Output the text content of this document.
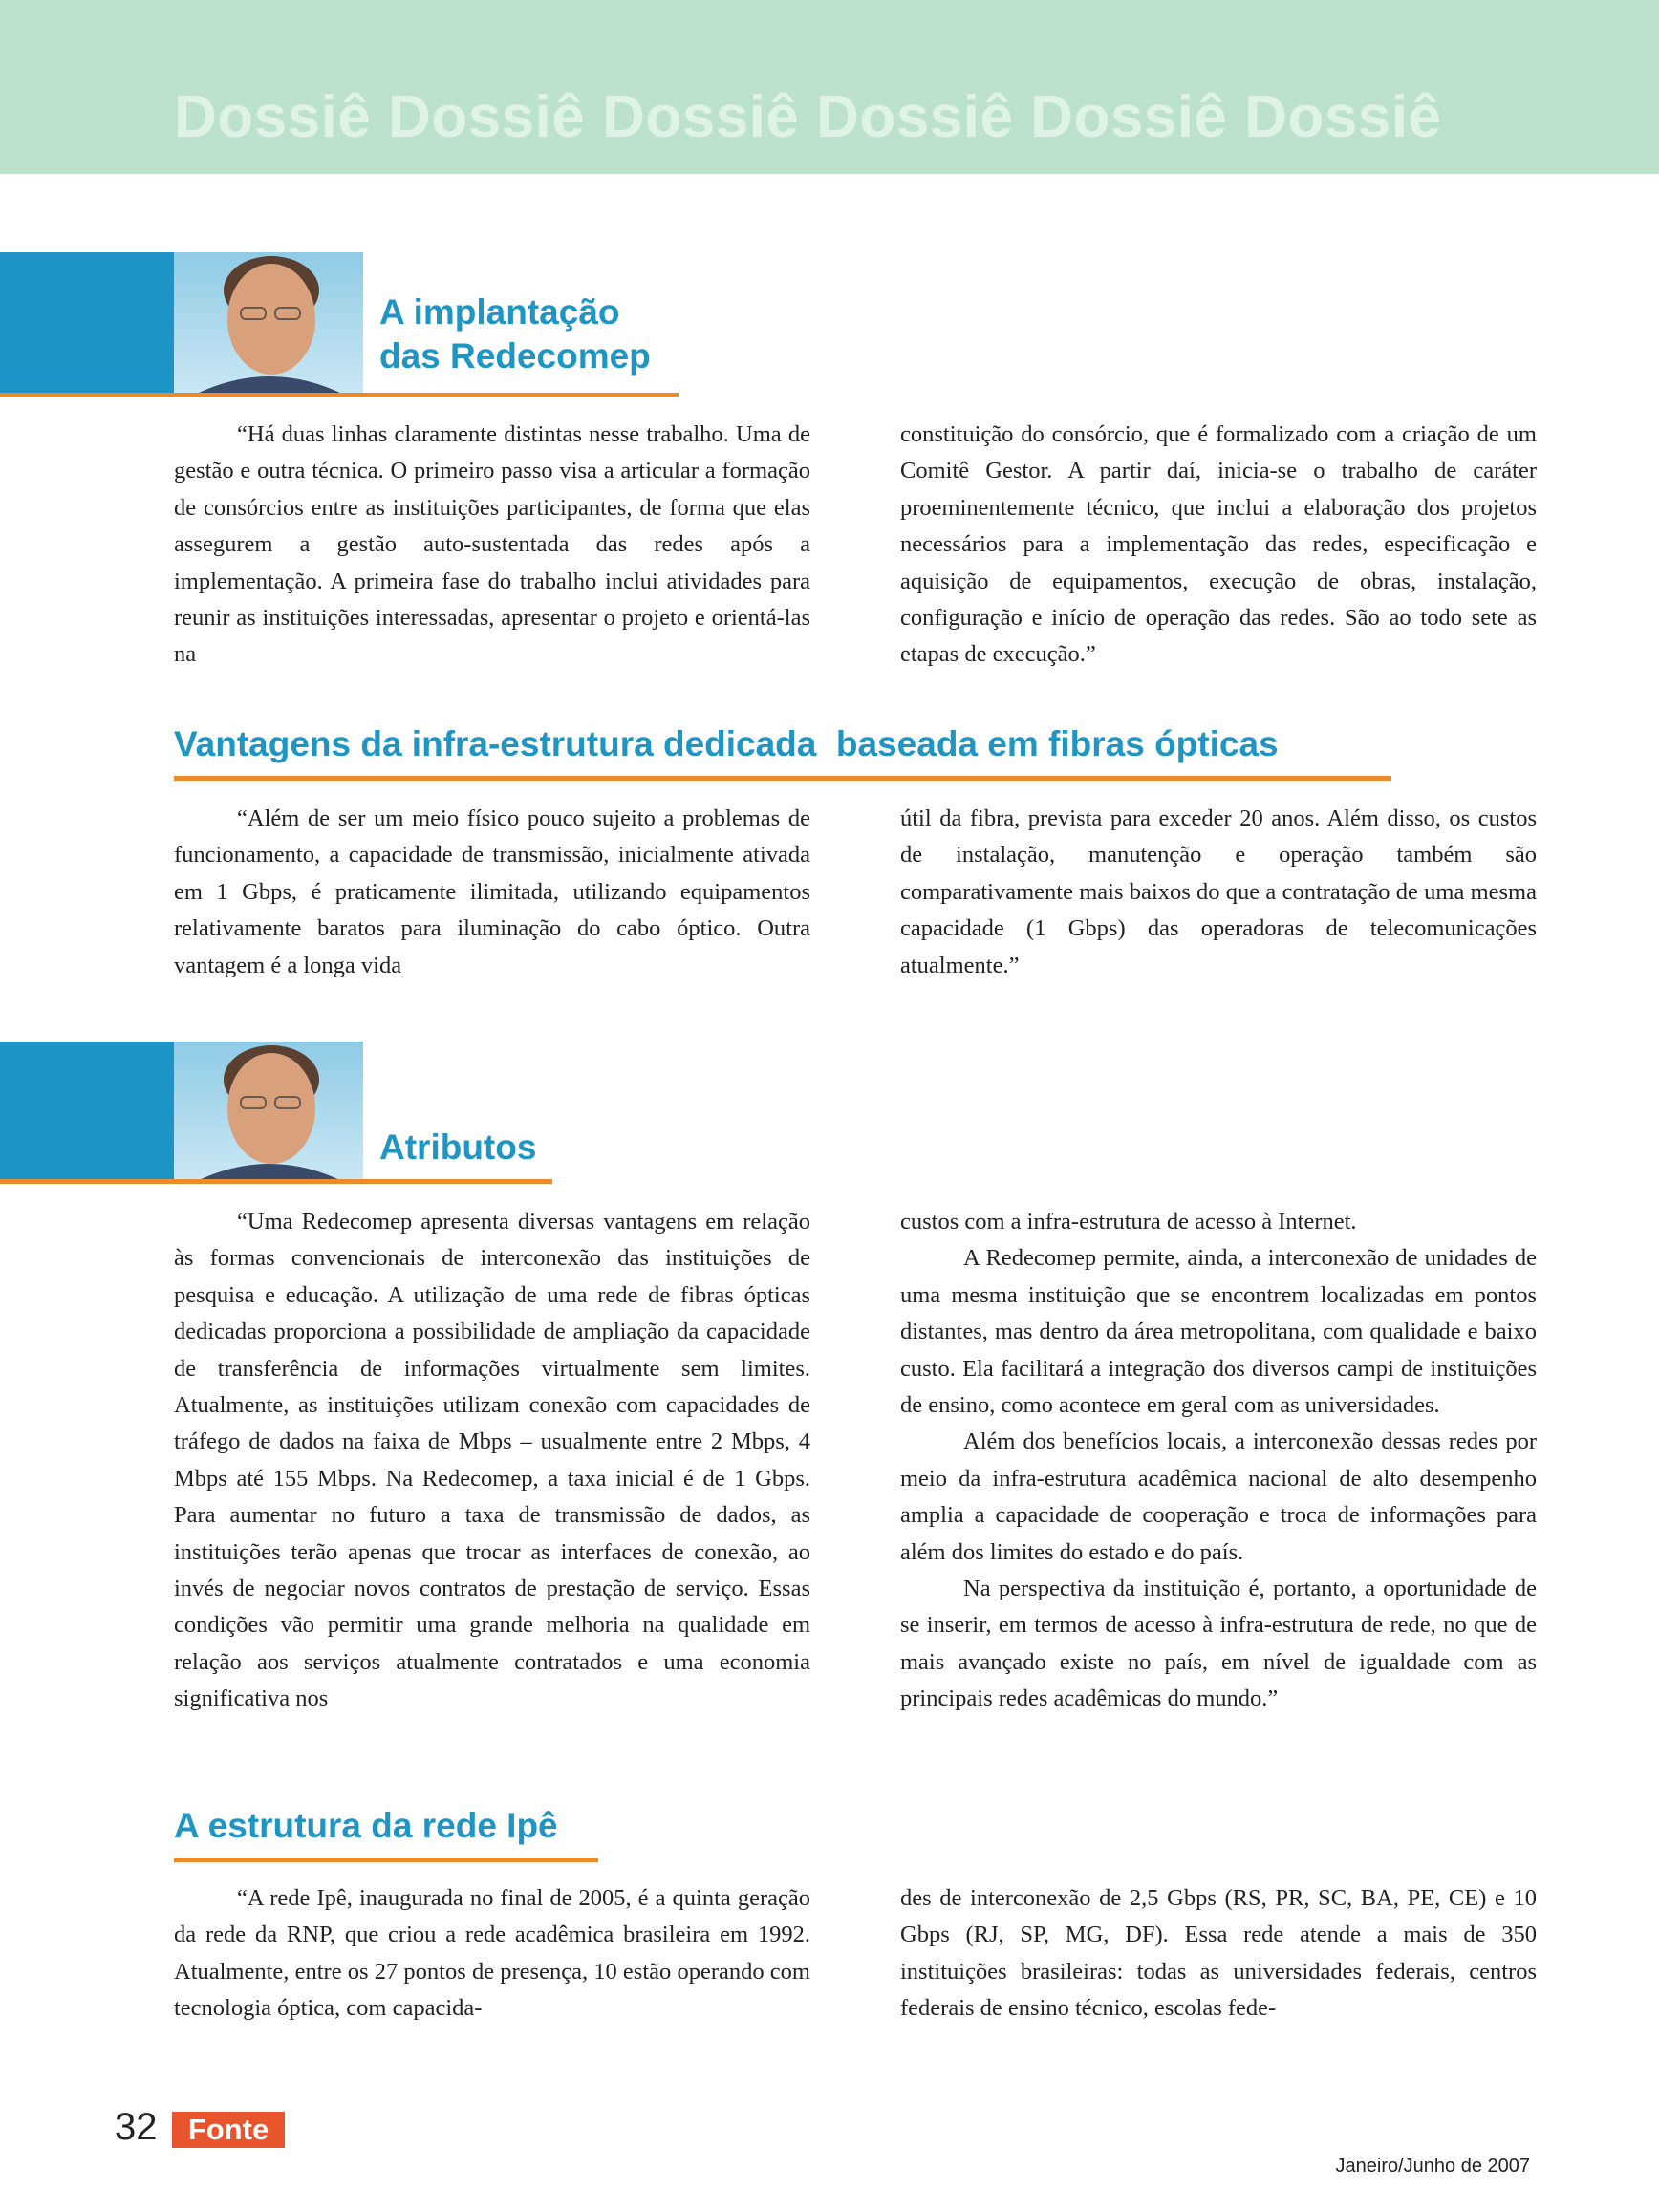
Dossiê Dossiê Dossiê Dossiê Dossiê Dossiê
A implantação
das Redecomep

“Há duas linhas claramente distintas nesse trabalho. Uma de gestão e outra técnica. O primeiro passo visa a articular a formação de consórcios entre as instituições participantes, de forma que elas assegurem a gestão auto-sustentada das redes após a implementação. A primeira fase do trabalho inclui atividades para reunir as instituições interessadas, apresentar o projeto e orientá-las na

constituição do consórcio, que é formalizado com a criação de um Comitê Gestor. A partir daí, inicia-se o trabalho de caráter proeminentemente técnico, que inclui a elaboração dos projetos necessários para a implementação das redes, especificação e aquisição de equipamentos, execução de obras, instalação, configuração e início de operação das redes. São ao todo sete as etapas de execução.”

Vantagens da infra-estrutura dedicada  baseada em fibras ópticas

“Além de ser um meio físico pouco sujeito a problemas de funcionamento, a capacidade de transmissão, inicialmente ativada em 1 Gbps, é praticamente ilimitada, utilizando equipamentos relativamente baratos para iluminação do cabo óptico. Outra vantagem é a longa vida

útil da fibra, prevista para exceder 20 anos. Além disso, os custos de instalação, manutenção e operação também são comparativamente mais baixos do que a contratação de uma mesma capacidade (1 Gbps) das operadoras de telecomunicações atualmente.”

Atributos

“Uma Redecomep apresenta diversas vantagens em relação às formas convencionais de interconexão das instituições de pesquisa e educação. A utilização de uma rede de fibras ópticas dedicadas proporciona a possibilidade de ampliação da capacidade de transferência de informações virtualmente sem limites. Atualmente, as instituições utilizam conexão com capacidades de tráfego de dados na faixa de Mbps – usualmente entre 2 Mbps, 4 Mbps até 155 Mbps. Na Redecomep, a taxa inicial é de 1 Gbps. Para aumentar no futuro a taxa de transmissão de dados, as instituições terão apenas que trocar as interfaces de conexão, ao invés de negociar novos contratos de prestação de serviço. Essas condições vão permitir uma grande melhoria na qualidade em relação aos serviços atualmente contratados e uma economia significativa nos

custos com a infra-estrutura de acesso à Internet.

A Redecomep permite, ainda, a interconexão de unidades de uma mesma instituição que se encontrem localizadas em pontos distantes, mas dentro da área metropolitana, com qualidade e baixo custo. Ela facilitará a integração dos diversos campi de instituições de ensino, como acontece em geral com as universidades.

Além dos benefícios locais, a interconexão dessas redes por meio da infra-estrutura acadêmica nacional de alto desempenho amplia a capacidade de cooperação e troca de informações para além dos limites do estado e do país.

Na perspectiva da instituição é, portanto, a oportunidade de se inserir, em termos de acesso à infra-estrutura de rede, no que de mais avançado existe no país, em nível de igualdade com as principais redes acadêmicas do mundo.”

A estrutura da rede Ipê

“A rede Ipê, inaugurada no final de 2005, é a quinta geração da rede da RNP, que criou a rede acadêmica brasileira em 1992. Atualmente, entre os 27 pontos de presença, 10 estão operando com tecnologia óptica, com capacida-

des de interconexão de 2,5 Gbps (RS, PR, SC, BA, PE, CE) e 10 Gbps (RJ, SP, MG, DF). Essa rede atende a mais de 350 instituições brasileiras: todas as universidades federais, centros federais de ensino técnico, escolas fede-

32	Fonte
Janeiro/Junho de 2007
